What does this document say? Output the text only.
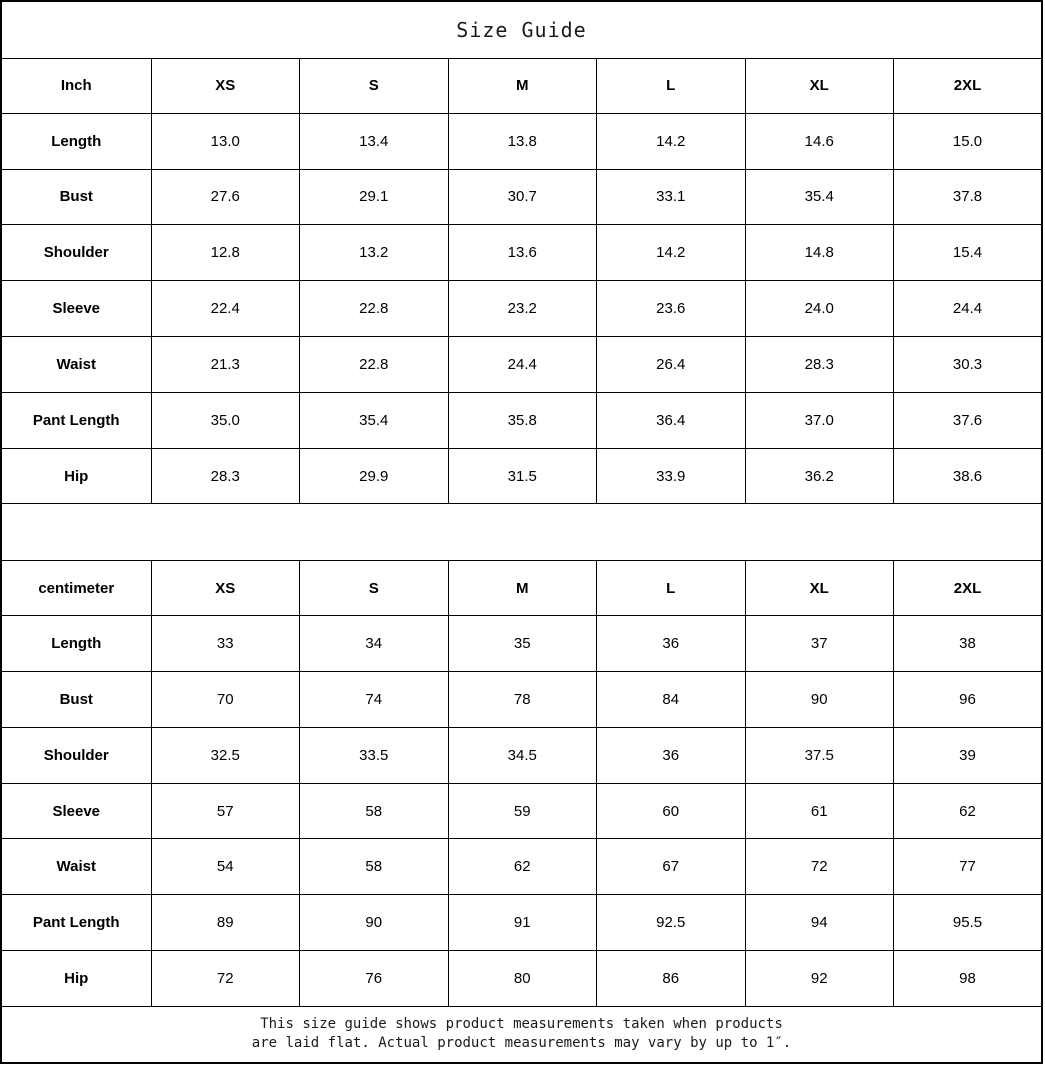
Size Guide						
Inch	XS	S	M	L	XL	2XL
Length	13.0	13.4	13.8	14.2	14.6	15.0
Bust	27.6	29.1	30.7	33.1	35.4	37.8
Shoulder	12.8	13.2	13.6	14.2	14.8	15.4
Sleeve	22.4	22.8	23.2	23.6	24.0	24.4
Waist	21.3	22.8	24.4	26.4	28.3	30.3
Pant Length	35.0	35.4	35.8	36.4	37.0	37.6
Hip	28.3	29.9	31.5	33.9	36.2	38.6

centimeter	XS	S	M	L	XL	2XL
Length	33	34	35	36	37	38
Bust	70	74	78	84	90	96
Shoulder	32.5	33.5	34.5	36	37.5	39
Sleeve	57	58	59	60	61	62
Waist	54	58	62	67	72	77
Pant Length	89	90	91	92.5	94	95.5
Hip	72	76	80	86	92	98

This size guide shows product measurements taken when products
are laid flat. Actual product measurements may vary by up to 1″.						
